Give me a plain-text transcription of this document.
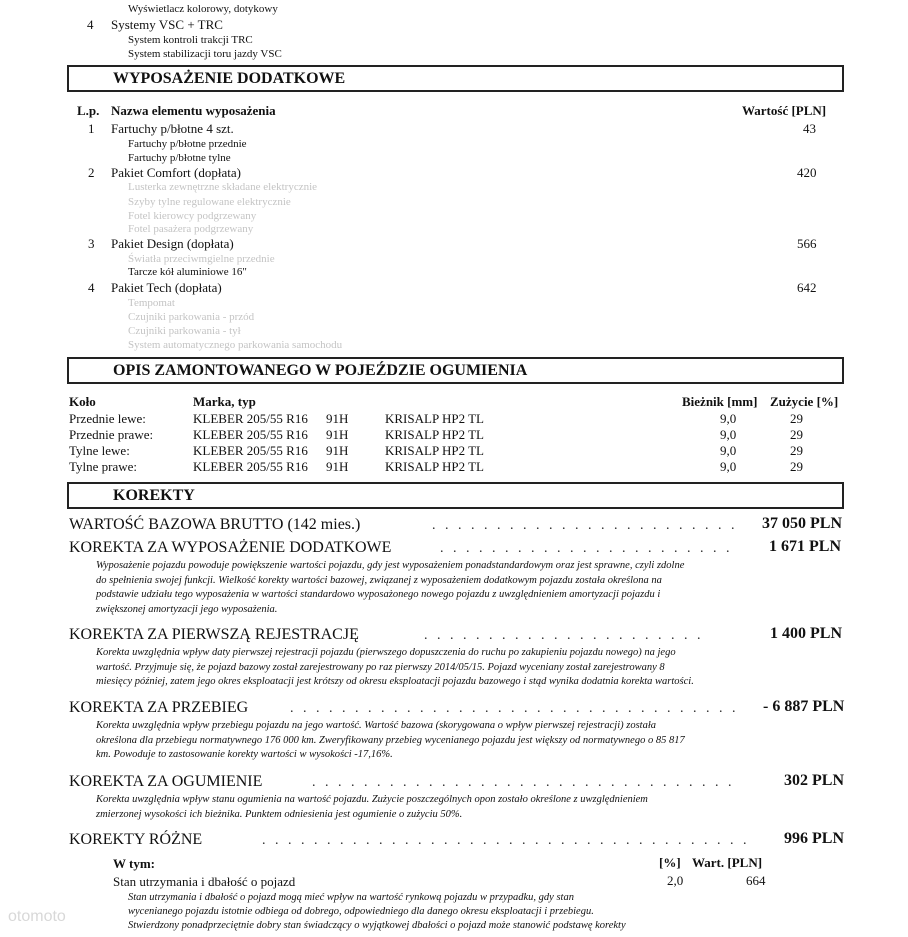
Wyświetlacz kolorowy, dotykowy
4 Systemy VSC + TRC
System kontroli trakcji TRC
System stabilizacji toru jazdy VSC
WYPOSAŻENIE DODATKOWE
L.p. Nazwa elementu wyposażenia	Wartość [PLN]
1 Fartuchy p/błotne 4 szt.	43
Fartuchy p/błotne przednie
Fartuchy p/błotne tylne
2 Pakiet Comfort (dopłata)	420
Lusterka zewnętrzne składane elektrycznie
Szyby tylne regulowane elektrycznie
Fotel kierowcy podgrzewany
Fotel pasażera podgrzewany
3 Pakiet Design (dopłata)	566
Światła przeciwmgielne przednie
Tarcze kół aluminiowe 16"
4 Pakiet Tech (dopłata)	642
Tempomat
Czujniki parkowania - przód
Czujniki parkowania - tył
System automatycznego parkowania samochodu
OPIS ZAMONTOWANEGO W POJEŹDZIE OGUMIENIA
Koło	Marka, typ	Bieżnik [mm] Zużycie [%]
Przednie lewe:	KLEBER 205/55 R16 91H	KRISALP HP2 TL	9,0	29
Przednie prawe:	KLEBER 205/55 R16 91H	KRISALP HP2 TL	9,0	29
Tylne lewe:	KLEBER 205/55 R16 91H	KRISALP HP2 TL	9,0	29
Tylne prawe:	KLEBER 205/55 R16 91H	KRISALP HP2 TL	9,0	29
KOREKTY
WARTOŚĆ BAZOWA BRUTTO (142 mies.)	. . . . . . . . . . . . . . . . . . . . . . . . 37 050 PLN
KOREKTA ZA WYPOSAŻENIE DODATKOWE	. . . . . . . . . . . . . . . . . . . . . . . 1 671 PLN
Wyposażenie pojazdu powoduje powiększenie wartości pojazdu, gdy jest wyposażeniem ponadstandardowym oraz jest sprawne, czyli zdolne
do spełnienia swojej funkcji. Wielkość korekty wartości bazowej, związanej z wyposażeniem dodatkowym pojazdu została określona na
podstawie udziału tego wyposażenia w wartości standardowo wyposażonego nowego pojazdu z uwzględnieniem amortyzacji pojazdu i
zwiększonej amortyzacji jego wyposażenia.
KOREKTA ZA PIERWSZĄ REJESTRACJĘ	. . . . . . . . . . . . . . . . . . . . . .	1 400 PLN
Korekta uwzględnia wpływ daty pierwszej rejestracji pojazdu (pierwszego dopuszczenia do ruchu po zakupieniu pojazdu nowego) na jego
wartość. Przyjmuje się, że pojazd bazowy został zarejestrowany po raz pierwszy 2014/05/15. Pojazd wyceniany został zarejestrowany 8
miesięcy później, zatem jego okres eksploatacji jest krótszy od okresu eksploatacji pojazdu bazowego i stąd wynika dodatnia korekta wartości.
KOREKTA ZA PRZEBIEG	. . . . . . . . . . . . . . . . . . . . . . . . . . . . . . . . . . . - 6 887 PLN
Korekta uwzględnia wpływ przebiegu pojazdu na jego wartość. Wartość bazowa (skorygowana o wpływ pierwszej rejestracji) została
określona dla przebiegu normatywnego 176 000 km. Zweryfikowany przebieg wycenianego pojazdu jest większy od normatywnego o 85 817
km. Powoduje to zastosowanie korekty wartości w wysokości -17,16%.
KOREKTA ZA OGUMIENIE	. . . . . . . . . . . . . . . . . . . . . . . . . . . . . . . . .	302 PLN
Korekta uwzględnia wpływ stanu ogumienia na wartość pojazdu. Zużycie poszczególnych opon zostało określone z uwzględnieniem
zmierzonej wysokości ich bieżnika. Punktem odniesienia jest ogumienie o zużyciu 50%.
KOREKTY RÓŻNE	. . . . . . . . . . . . . . . . . . . . . . . . . . . . . . . . . . . . . . 996 PLN
W tym:	[%] Wart. [PLN]
Stan utrzymania i dbałość o pojazd	2,0	664
Stan utrzymania i dbałość o pojazd mogą mieć wpływ na wartość rynkową pojazdu w przypadku, gdy stan
wycenianego pojazdu istotnie odbiega od dobrego, odpowiedniego dla danego okresu eksploatacji i przebiegu.
Stwierdzony ponadprzeciętnie dobry stan świadczący o wyjątkowej dbałości o pojazd może stanowić podstawę korekty
otomoto
